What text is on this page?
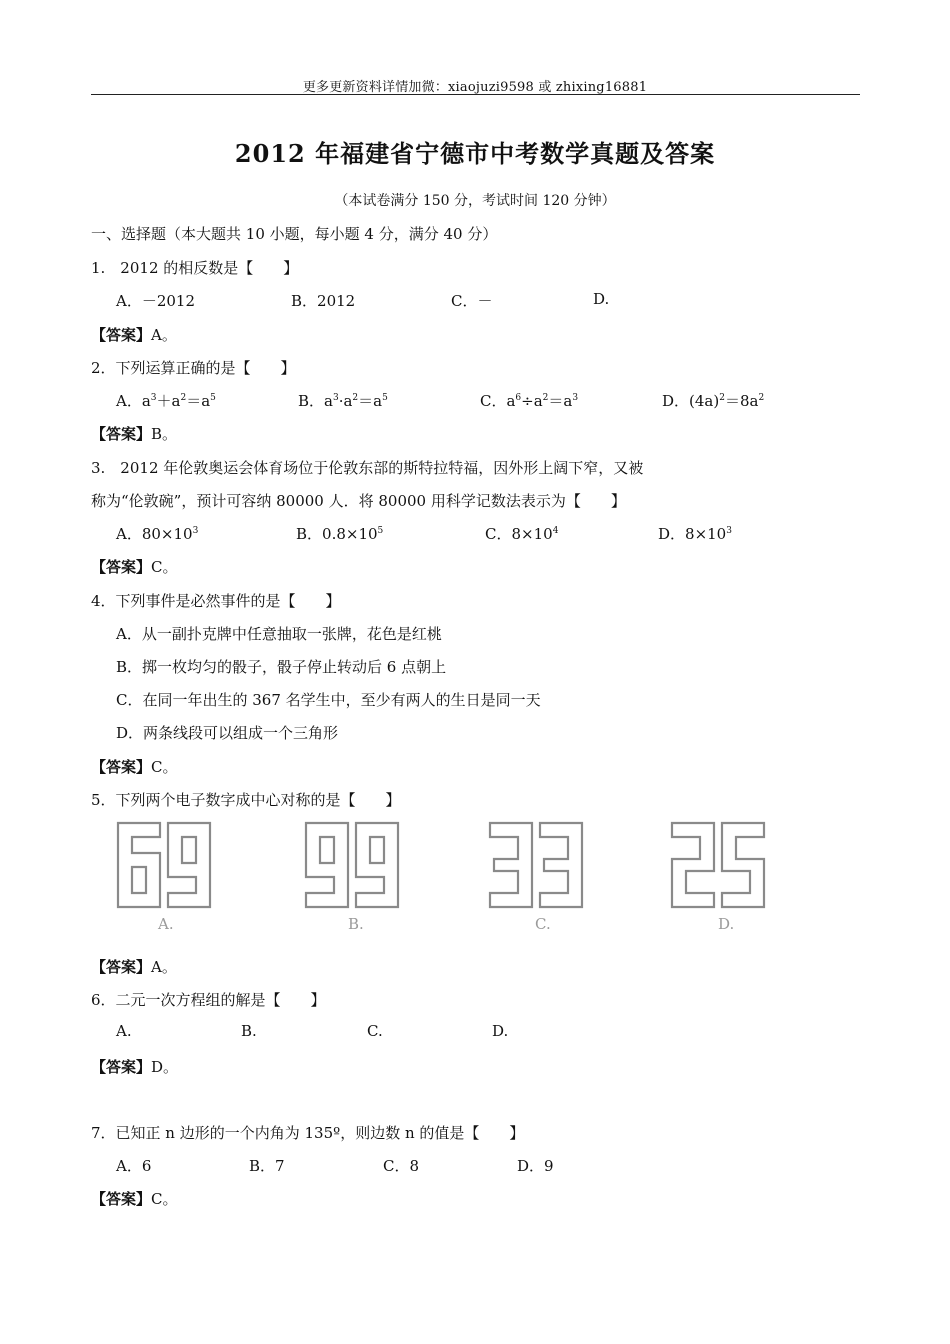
更多更新资料详情加微：xiaojuzi9598 或 zhixing16881
2012 年福建省宁德市中考数学真题及答案
（本试卷满分 150 分，考试时间 120 分钟）
一、选择题（本大题共 10 小题，每小题 4 分，满分 40 分）
1.　2012 的相反数是【　　】
A．－2012	B．2012	C．－	D.
【答案】A。
2．下列运算正确的是【　　】
A．$a^3+a^2=a^5$	B．$a^3\cdot a^2=a^5$	C．$a^6\div a^2=a^3$	D．$(4a)^2=8a^2$
【答案】B。
3.　2012 年伦敦奥运会体育场位于伦敦东部的斯特拉特福，因外形上阔下窄，又被
称为“伦敦碗”，预计可容纳 80000 人．将 80000 用科学记数法表示为【　　】
A．$80\times 10^3$	B．$0.8\times 10^5$	C．$8\times 10^4$	D．$8\times 10^3$
【答案】C。
4．下列事件是必然事件的是【　　】
A．从一副扑克牌中任意抽取一张牌，花色是红桃
B．掷一枚均匀的骰子，骰子停止转动后 6 点朝上
C．在同一年出生的 367 名学生中，至少有两人的生日是同一天
D．两条线段可以组成一个三角形
【答案】C。
5．下列两个电子数字成中心对称的是【　　】
A.	B.	C.	D.
【答案】A。
6．二元一次方程组的解是【　　】
A.	B.	C.	D.
【答案】D。
7．已知正 n 边形的一个内角为 135º，则边数 n 的值是【　　】
A．6	B．7	C．8	D．9
【答案】C。
